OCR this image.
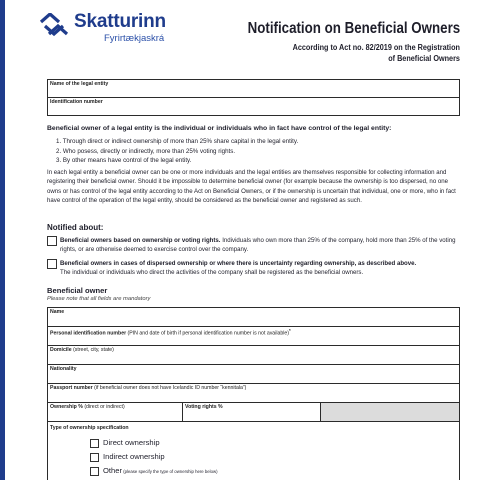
Skatturinn
Fyrirtækjaskrá
Notification on Beneficial Owners
According to Act no. 82/2019 on the Registration
of Beneficial Owners
Name of the legal entity
Identification number
Beneficial owner of a legal entity is the individual or individuals who in fact have control of the legal entity:
1. Through direct or indirect ownership of more than 25% share capital in the legal entity.
2. Who posess, directly or indirectly, more than 25% voting rights.
3. By other means have control of the legal entity.
In each legal entity a beneficial owner can be one or more individuals and the legal entities are themselves responsible for collecting information and registering their beneficial owner. Should it be impossible to determine beneficial owner (for example because the ownership is too dispersed, no one owns or has control of the legal entity according to the Act on Beneficial Owners, or if the ownership is uncertain that individual, one or more, who in fact have control of the operation of the legal entity, should be considered as the beneficial owner and registered as such.
Notified about:
Beneficial owners based on ownership or voting rights. Individuals who own more than 25% of the company, hold more than 25% of the voting rights, or are otherwise deemed to exercise control over the company.
Beneficial owners in cases of dispersed ownership or where there is uncertainty regarding ownership, as described above.
The individual or individuals who direct the activities of the company shall be registered as the beneficial owners.
Beneficial owner
Please note that all fields are mandatory
Name
Personal identification number (PIN and date of birth if personal identification number is not available)*
Domicile (street, city, state)
Nationality
Passport number (if beneficial owner does not have Icelandic ID number “kennitala”)
Ownership % (direct or indirect)	Voting rights %
Type of ownership specification
Direct ownership
Indirect ownership
Other (please specify the type of ownership here below)
